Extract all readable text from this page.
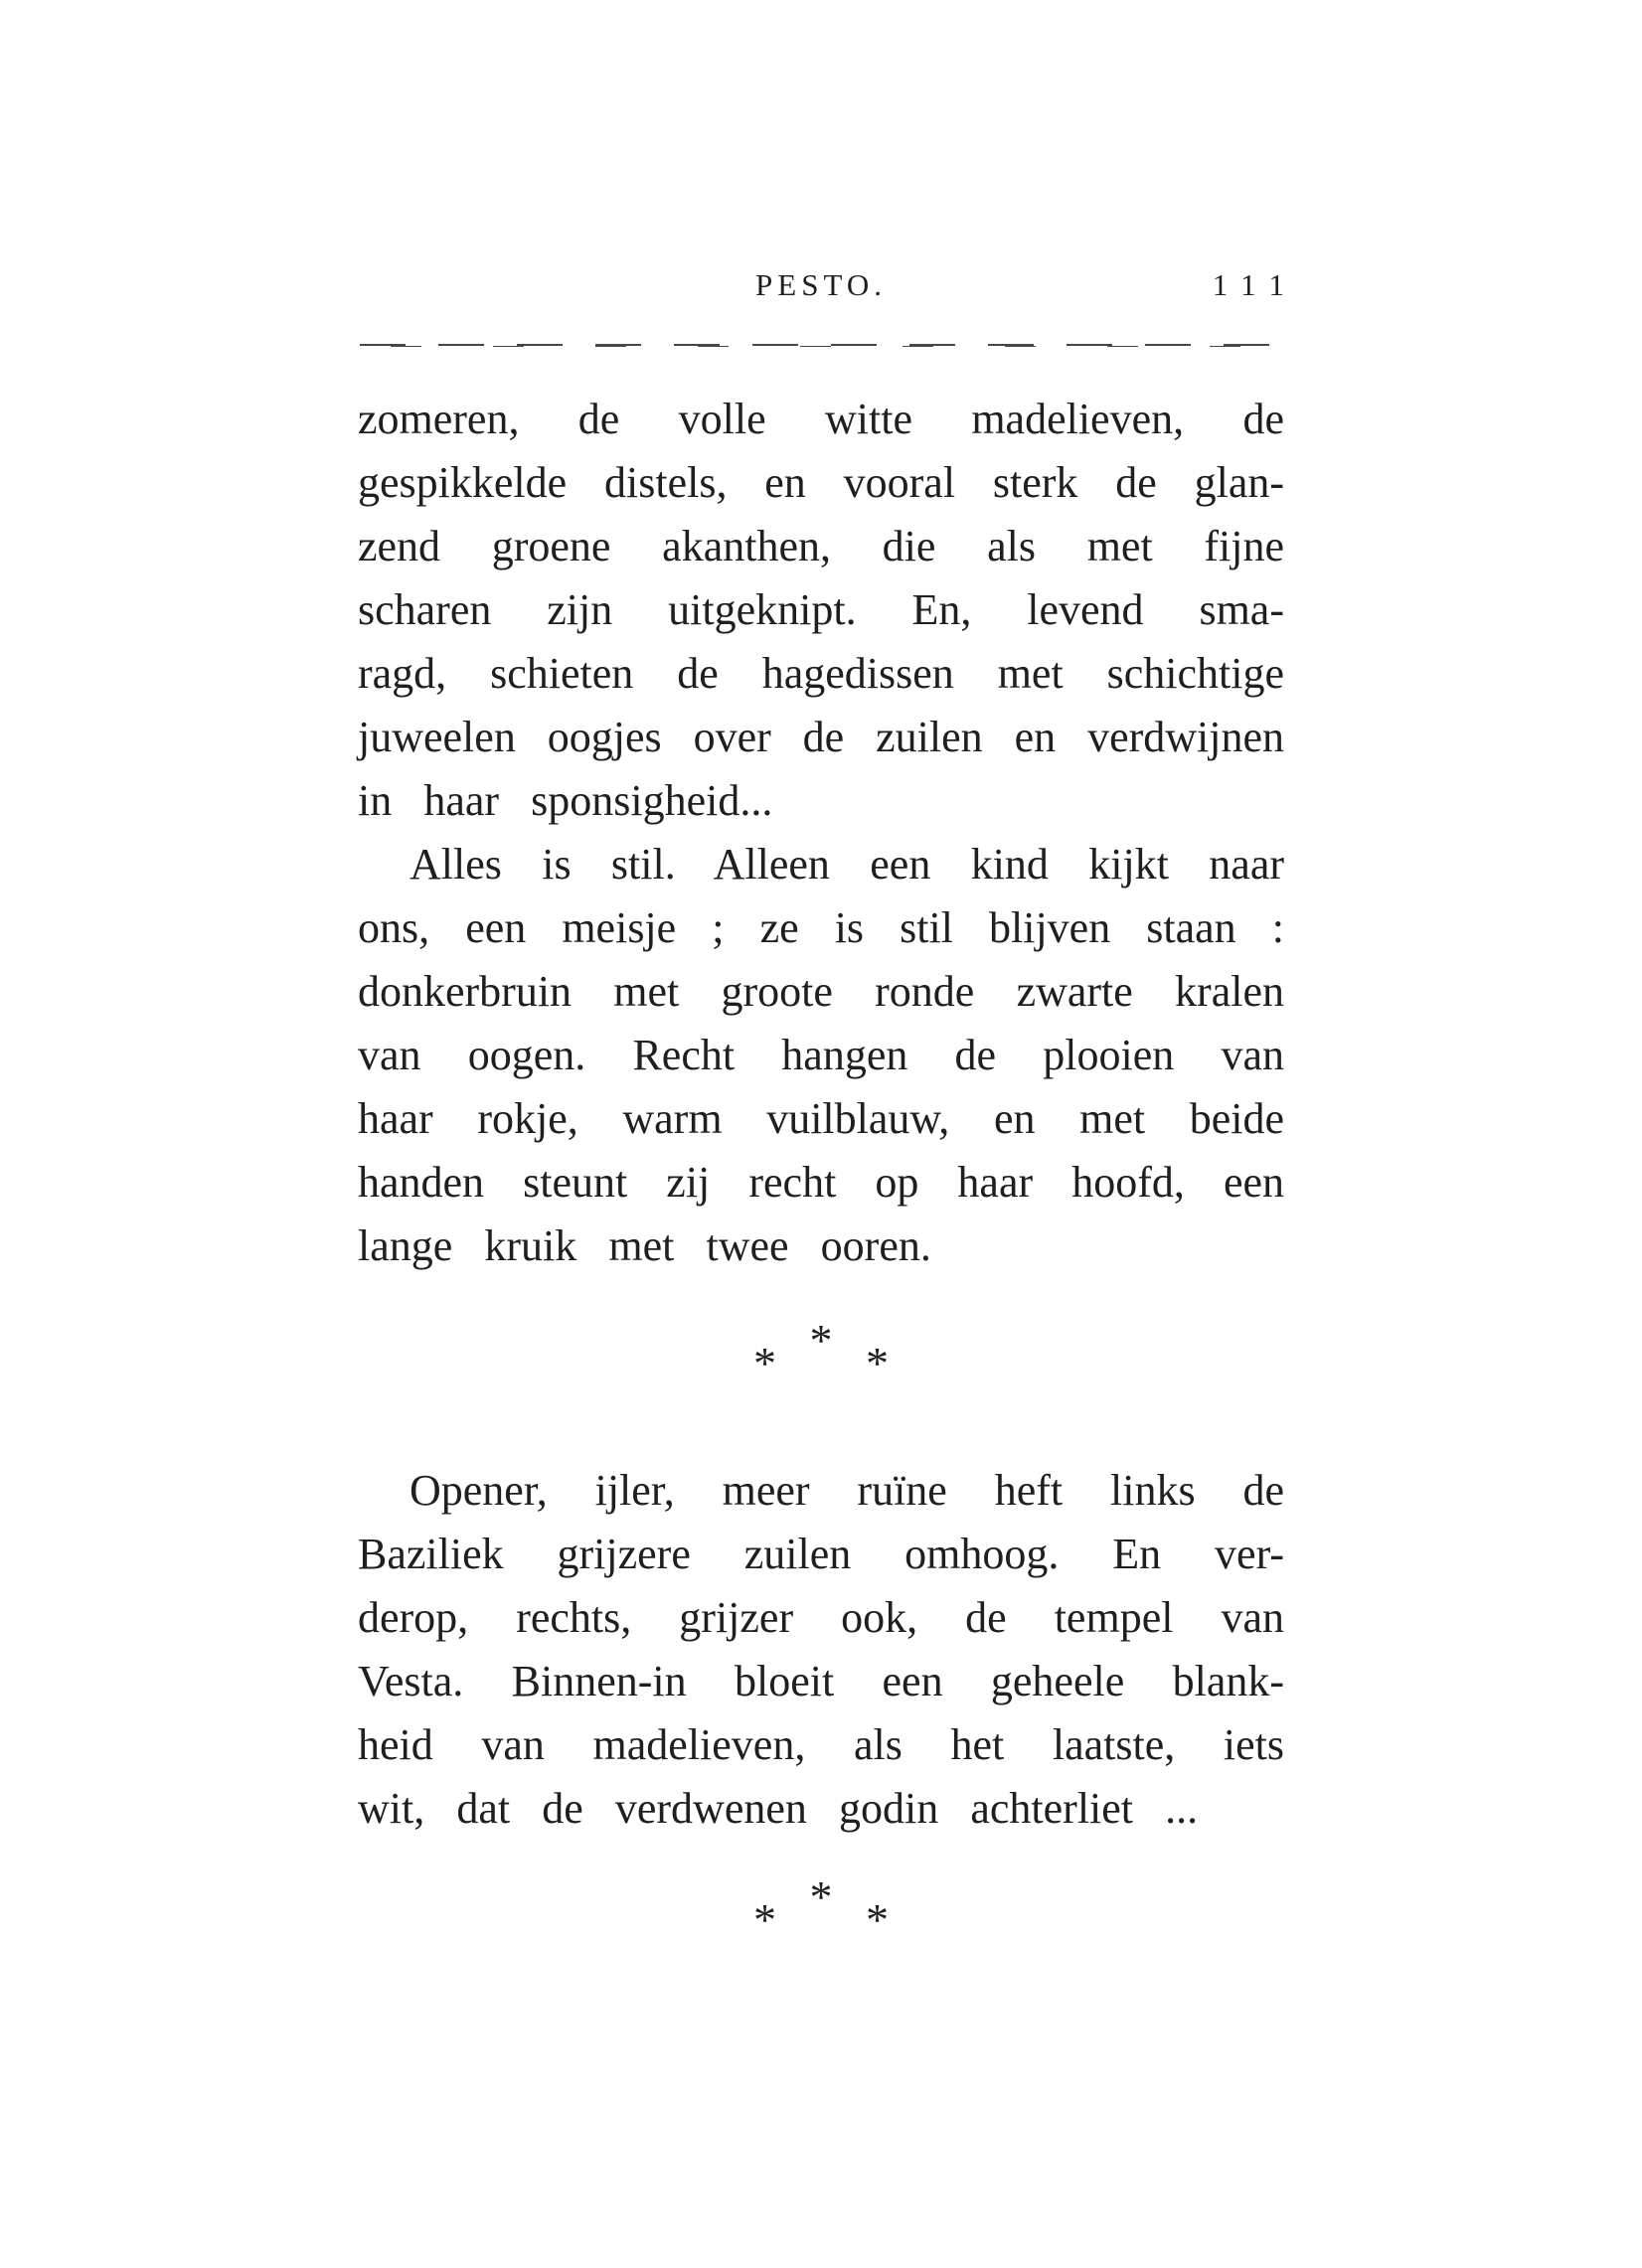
PESTO.	111
zomeren, de volle witte madelieven, de
gespikkelde distels, en vooral sterk de glan-
zend groene akanthen, die als met fijne
scharen zijn uitgeknipt. En, levend sma-
ragd, schieten de hagedissen met schichtige
juweelen oogjes over de zuilen en verdwijnen
in haar sponsigheid...
Alles is stil. Alleen een kind kijkt naar
ons, een meisje ; ze is stil blijven staan :
donkerbruin met groote ronde zwarte kralen
van oogen. Recht hangen de plooien van
haar rokje, warm vuilblauw, en met beide
handen steunt zij recht op haar hoofd, een
lange kruik met twee ooren.
* * *
Opener, ijler, meer ruïne heft links de
Baziliek grijzere zuilen omhoog. En ver-
derop, rechts, grijzer ook, de tempel van
Vesta. Binnen-in bloeit een geheele blank-
heid van madelieven, als het laatste, iets
wit, dat de verdwenen godin achterliet ...
* * *
